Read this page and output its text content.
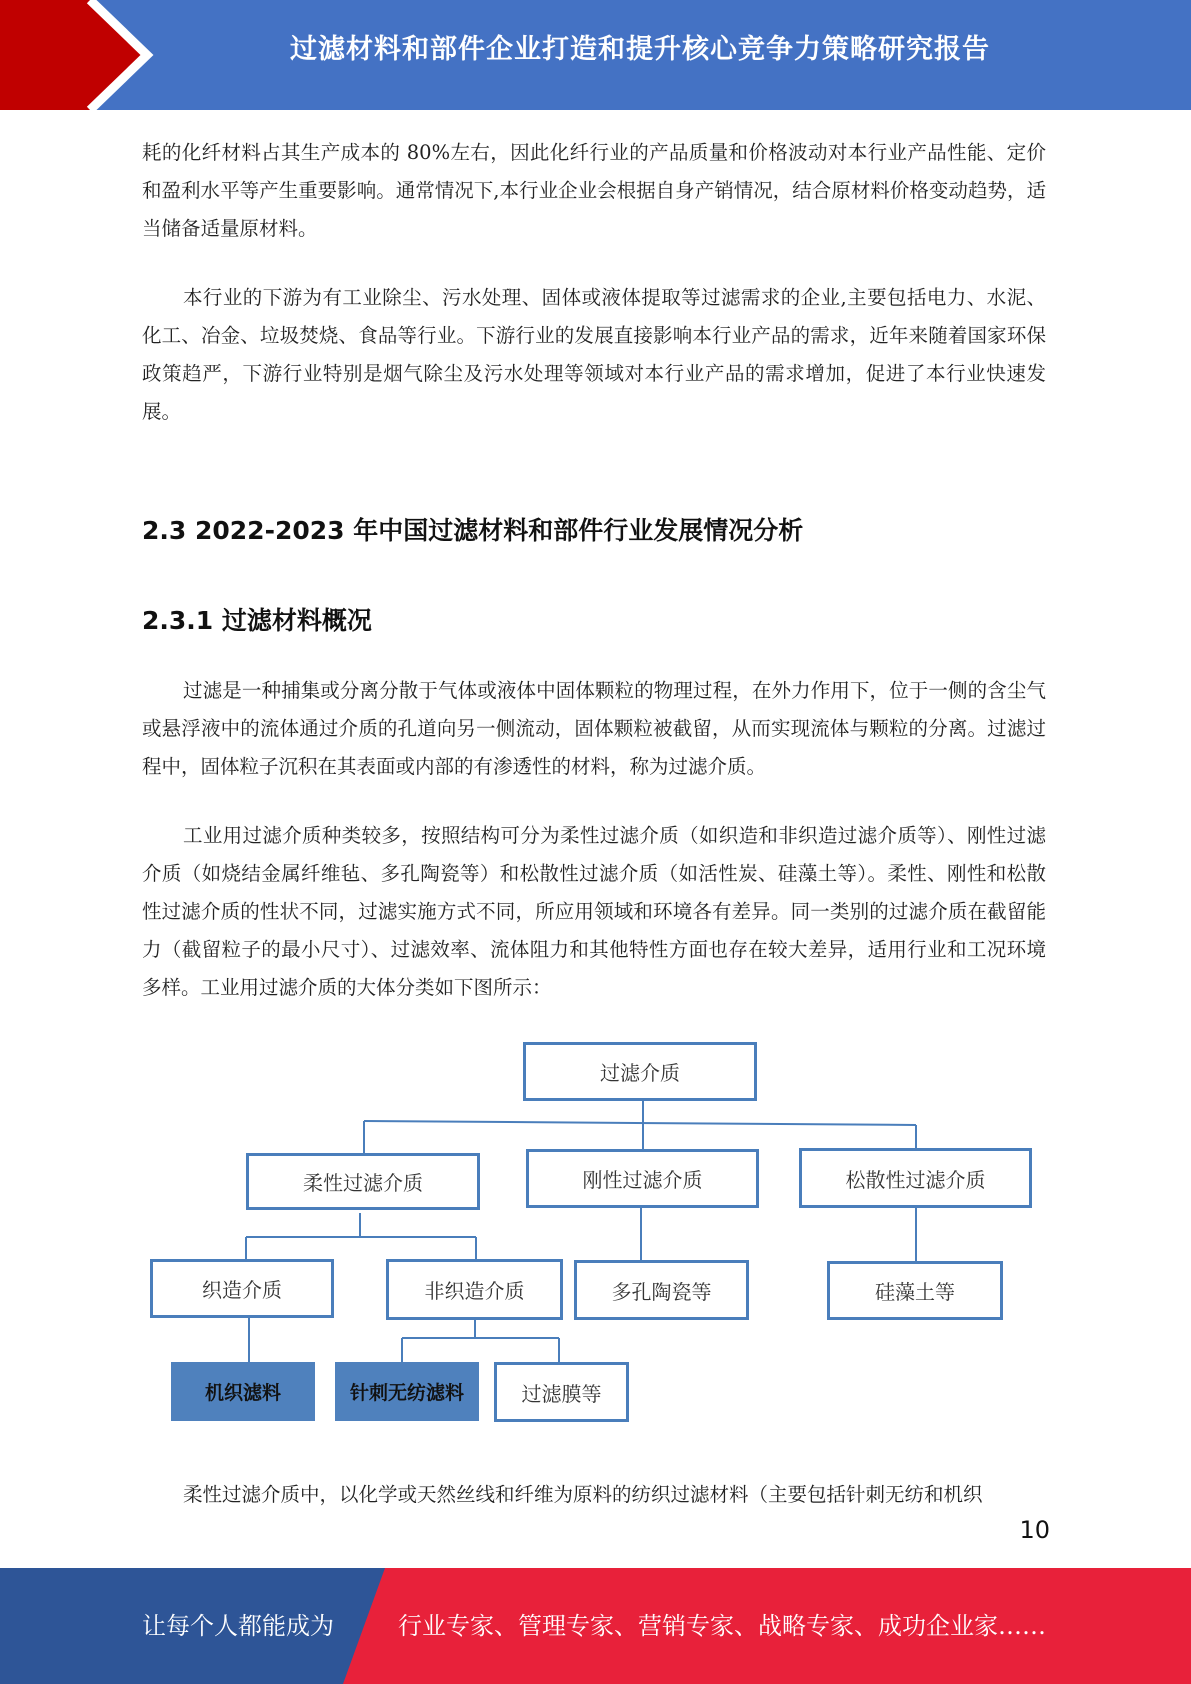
过滤材料和部件企业打造和提升核心竞争力策略研究报告

耗的化纤材料占其生产成本的 80%左右，因此化纤行业的产品质量和价格波动对本行业产品性能、定价和盈利水平等产生重要影响。通常情况下,本行业企业会根据自身产销情况，结合原材料价格变动趋势，适当储备适量原材料。

本行业的下游为有工业除尘、污水处理、固体或液体提取等过滤需求的企业,主要包括电力、水泥、化工、冶金、垃圾焚烧、食品等行业。下游行业的发展直接影响本行业产品的需求，近年来随着国家环保政策趋严，下游行业特别是烟气除尘及污水处理等领域对本行业产品的需求增加，促进了本行业快速发展。

2.3 2022-2023 年中国过滤材料和部件行业发展情况分析
2.3.1 过滤材料概况

过滤是一种捕集或分离分散于气体或液体中固体颗粒的物理过程，在外力作用下，位于一侧的含尘气或悬浮液中的流体通过介质的孔道向另一侧流动，固体颗粒被截留，从而实现流体与颗粒的分离。过滤过程中，固体粒子沉积在其表面或内部的有渗透性的材料，称为过滤介质。

工业用过滤介质种类较多，按照结构可分为柔性过滤介质（如织造和非织造过滤介质等）、刚性过滤介质（如烧结金属纤维毡、多孔陶瓷等）和松散性过滤介质（如活性炭、硅藻土等）。柔性、刚性和松散性过滤介质的性状不同，过滤实施方式不同，所应用领域和环境各有差异。同一类别的过滤介质在截留能力（截留粒子的最小尺寸）、过滤效率、流体阻力和其他特性方面也存在较大差异，适用行业和工况环境多样。工业用过滤介质的大体分类如下图所示：

过滤介质
柔性过滤介质	刚性过滤介质	松散性过滤介质
织造介质	非织造介质	多孔陶瓷等	硅藻土等
机织滤料	针刺无纺滤料	过滤膜等

柔性过滤介质中，以化学或天然丝线和纤维为原料的纺织过滤材料（主要包括针刺无纺和机织

10
让每个人都能成为	行业专家、管理专家、营销专家、战略专家、成功企业家……
